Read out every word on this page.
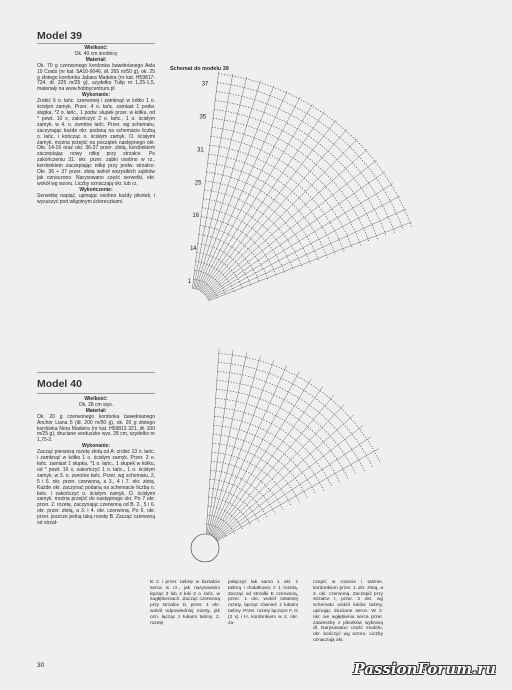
Model 39

Wielkość:

Ok. 40 cm średnicy

Materiał:

Ok. 70 g czerwonego kordonka bawełnianego Aida 10 Coats (nr kat. 5A10-9046, dł. 265 m/50 g), ok. 25 g złotego kordonka Jabara Madeira (nr kat. H59817-724, dł. 225 m/25 g), szydełko Tulip nr 1,25-1,5, materiały na www.hobbycentrum.pl

Wykonanie:

Zrobić 6 o. łańc. czerwonej i zamknąć w kółko 1 o. ścisłym zamyk. Przer. 4 o. łańc. zamiast 1 podw. słupka, *2 o. łańc., 1 podw. słupek przer. w kółku, od * powt. 10 x, zakończyć 2 o. łańc., 1 o. ścisłym zamyk. w 4. o. zwrotne łańc. Przer. wg schematu, zaczynając każde okr. podaną na schemacie liczbą o. łańc. i kończąc o. ścisłym zamyk. O. ścisłymi zamyk. można przejść na początek następnego okr. Okr. 14-16 oraz okr. 36-37 przer. złotą, kordonkiem zaczepiając nowy nitkę przy strzałce. Po zakończeniu 31. okr. przer. ząbki osobno w rz., kordonkiem zaczepiając nitkę przy podw. strzałce. Okr. 36 + 37 przer. złotą wokół wszystkich ząbków jak oznaczono. Narysowano część serwetki, okr. wokół wg wzoru. Liczby oznaczają okr. lub rz.

Wykończenie:

Serwetkę napiąć, upinając osobno każdy pikotek, i wysuszyć pod wilgotnym ściereczkami.

Model 40

Wielkość:

Ok. 28 cm wys.

Materiał:

Ok. 20 g czerwonego kordonka bawełnianego Anchor Liana 5 (dł. 200 m/50 g), ok. 20 g złotego kordonka Nora Madeira (nr kat. H59813 321, dł. 100 m/25 g), druciane serduszko wys. 28 cm, szydełko nr 1,75-2.

Wykonanie:

Zacząć pierwszą rozetę złotą od A: zrobić 13 o. łańc. i zamknąć w kółko 1 o. ścisłym zamyk. Przer. 3 o. łańc. zamiast 1 słupka, *1 o. łańc., 1 słupek w kółku, od * powt. 16 x, zakończyć 1 o. łańc., 1 o. ścisłym zamyk. w 3. o. zwrotne łańc. Przer. wg schematu, 2, 5 i 6. okr. przer. czerwoną, a 3., 4 i 7. okr. złotą. Każde okr. zaczynać podaną na schemacie liczbą o. łańc. i zakończyć o. ścisłym zamyk. O. ścisłymi zamyk. można przejść do następnego okr. Po 7 okr. przer. 2. rozetę, zaczynając czerwoną od B. 2., 5 i 6. okr. przer. złotą, a 3. i 4. okr. czerwoną. Po 6. okr. przer. jeszcze jedną taką rozetę B. Zacząć czerwoną od strzał-

Schemat do modelu 39
1
14
16
25
31
35
37
ki C i przer. taśmę w kształcie serca w rz., jak narysowano łącząc 3 lub 4 łuki 2 o. łańc. w zagłębieniach. Zacząć czerwoną przy strzałce D, przer. 1 okr. wokół odpowiedniej rozety, jak ozn. łącząc z łukami taśmy. 2. rozetę
połączyć tak samo 1 okr. z taśmą i dodatkowo z 1 rozetą. Zacząć od strzałki E czerwoną, przer. 1 okr. wokół ostatniej rozety, łącząc również z łukami taśmy. Przer. rozety łączące F, G (2 x) i H, kordonkiem w 2. okr. za-
czepić w rozecie i taśmie, kordonkiem przer. 1 okr. złotą, a 2. okr. czerwoną. Zaczepić przy strzałce I, przer. 2 okr. wg schematu wokół łuków taśmy, upinając druciane serce. W 2. okr. we wgłębieniu serca przer. zawieszkę z pikotków wybraną dł. Narysowano część modelu, okr. kończyć wg wzoru. Liczby oznaczają okr.
30	PassionForum.ru
